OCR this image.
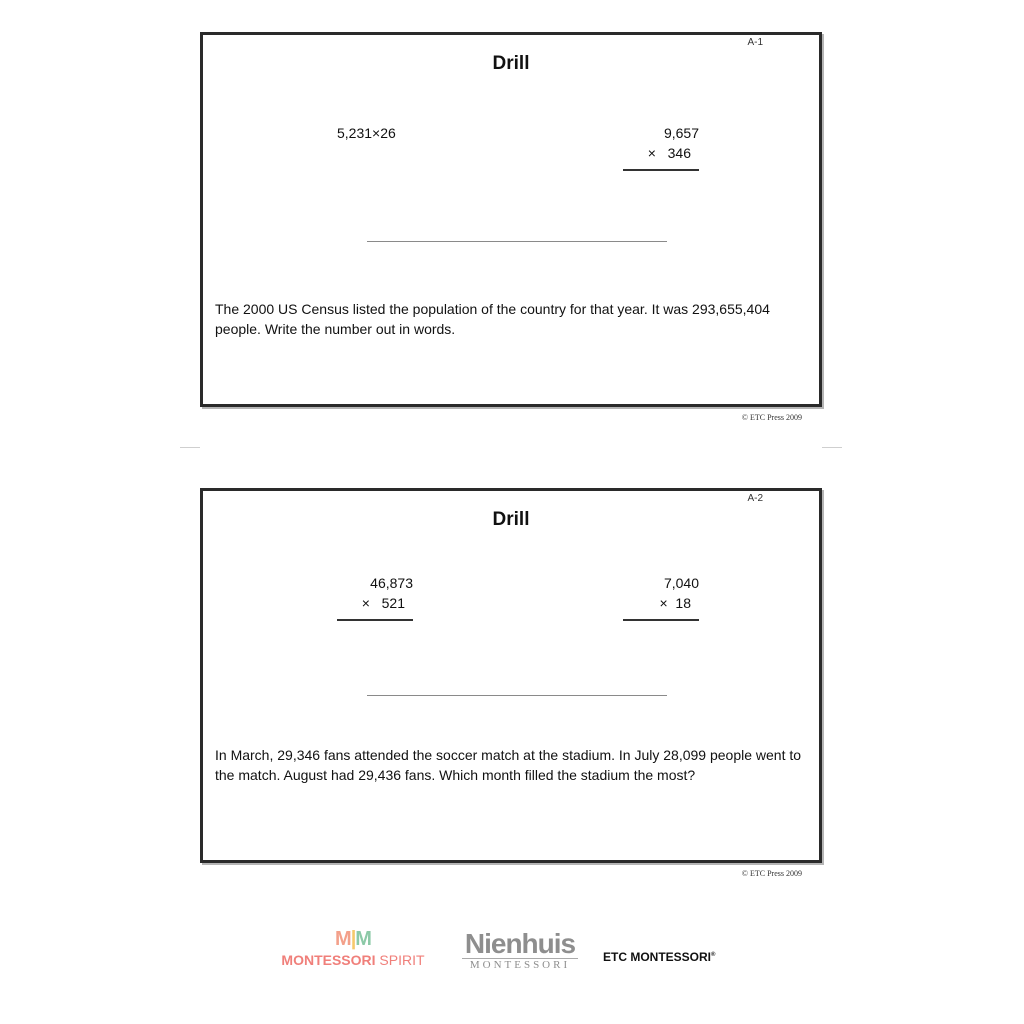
A-1
Drill
5,231×26	9,657
×   346
The 2000 US Census listed the population of the country for that year. It was 293,655,404 people. Write the number out in words.
© ETC Press 2009
A-2
Drill
46,873
×   521
7,040
×  18
In March, 29,346 fans attended the soccer match at the stadium. In July 28,099 people went to the match. August had 29,436 fans. Which month filled the stadium the most?
© ETC Press 2009
M|M
MONTESSORI SPIRIT
Nienhuis
MONTESSORI
ETC MONTESSORI®
